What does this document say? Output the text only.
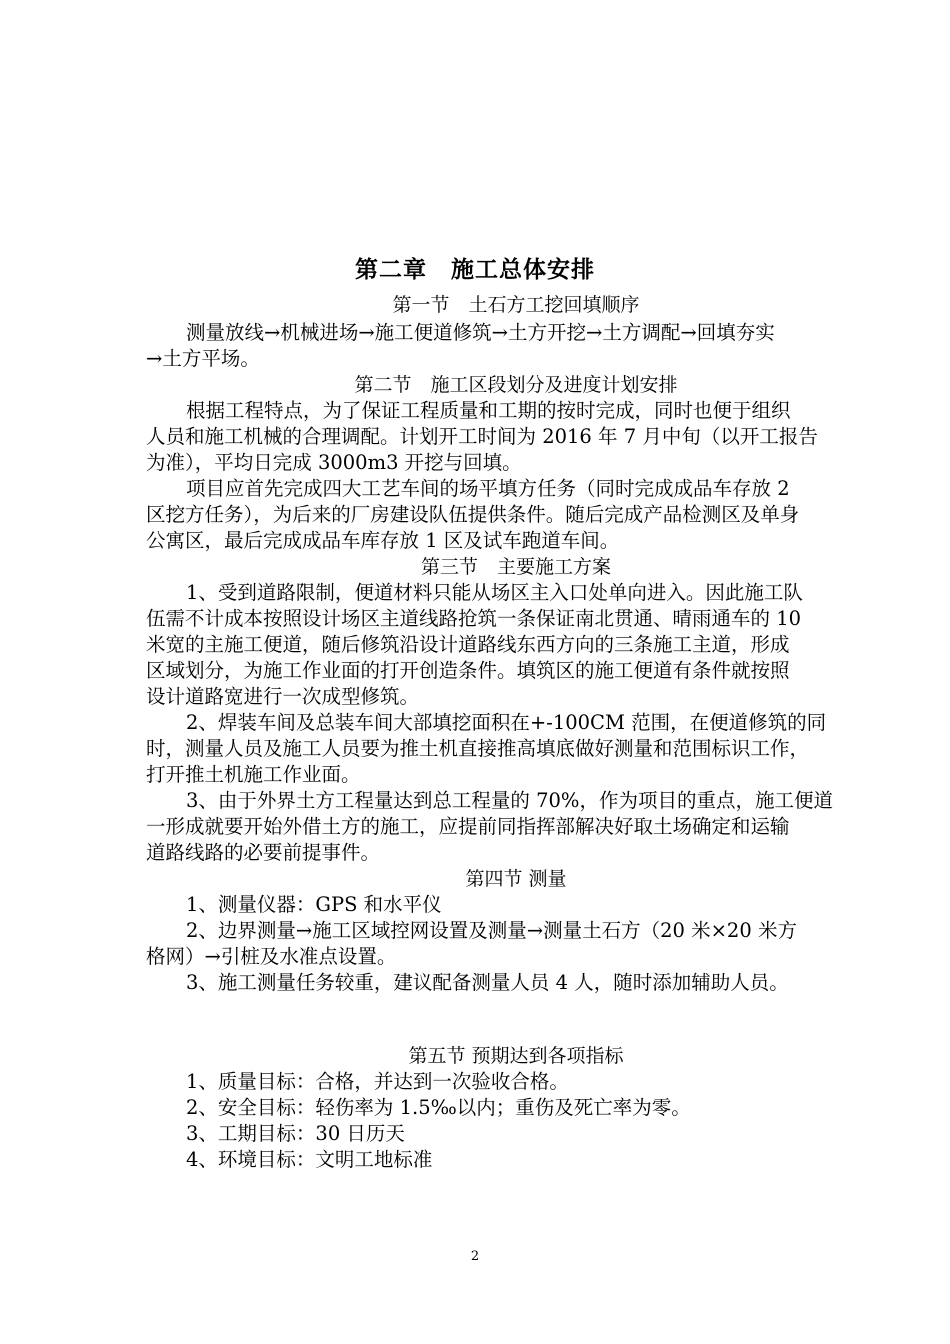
第二章　施工总体安排
第一节　土石方工挖回填顺序
测量放线→机械进场→施工便道修筑→土方开挖→土方调配→回填夯实
→土方平场。
第二节　施工区段划分及进度计划安排
根据工程特点，为了保证工程质量和工期的按时完成，同时也便于组织
人员和施工机械的合理调配。计划开工时间为 2016 年 7 月中旬（以开工报告
为准），平均日完成 3000m3 开挖与回填。
项目应首先完成四大工艺车间的场平填方任务（同时完成成品车存放 2
区挖方任务），为后来的厂房建设队伍提供条件。随后完成产品检测区及单身
公寓区，最后完成成品车库存放 1 区及试车跑道车间。
第三节　主要施工方案
1、受到道路限制，便道材料只能从场区主入口处单向进入。因此施工队
伍需不计成本按照设计场区主道线路抢筑一条保证南北贯通、晴雨通车的 10
米宽的主施工便道，随后修筑沿设计道路线东西方向的三条施工主道，形成
区域划分，为施工作业面的打开创造条件。填筑区的施工便道有条件就按照
设计道路宽进行一次成型修筑。
2、焊装车间及总装车间大部填挖面积在+-100CM 范围，在便道修筑的同
时，测量人员及施工人员要为推土机直接推高填底做好测量和范围标识工作，
打开推土机施工作业面。
3、由于外界土方工程量达到总工程量的 70%，作为项目的重点，施工便道
一形成就要开始外借土方的施工，应提前同指挥部解决好取土场确定和运输
道路线路的必要前提事件。
第四节 测量
1、测量仪器：GPS 和水平仪
2、边界测量→施工区域控网设置及测量→测量土石方（20 米×20 米方
格网）→引桩及水准点设置。
3、施工测量任务较重，建议配备测量人员 4 人，随时添加辅助人员。
第五节 预期达到各项指标
1、质量目标：合格，并达到一次验收合格。
2、安全目标：轻伤率为 1.5‰以内；重伤及死亡率为零。
3、工期目标：30 日历天
4、环境目标：文明工地标准
2
